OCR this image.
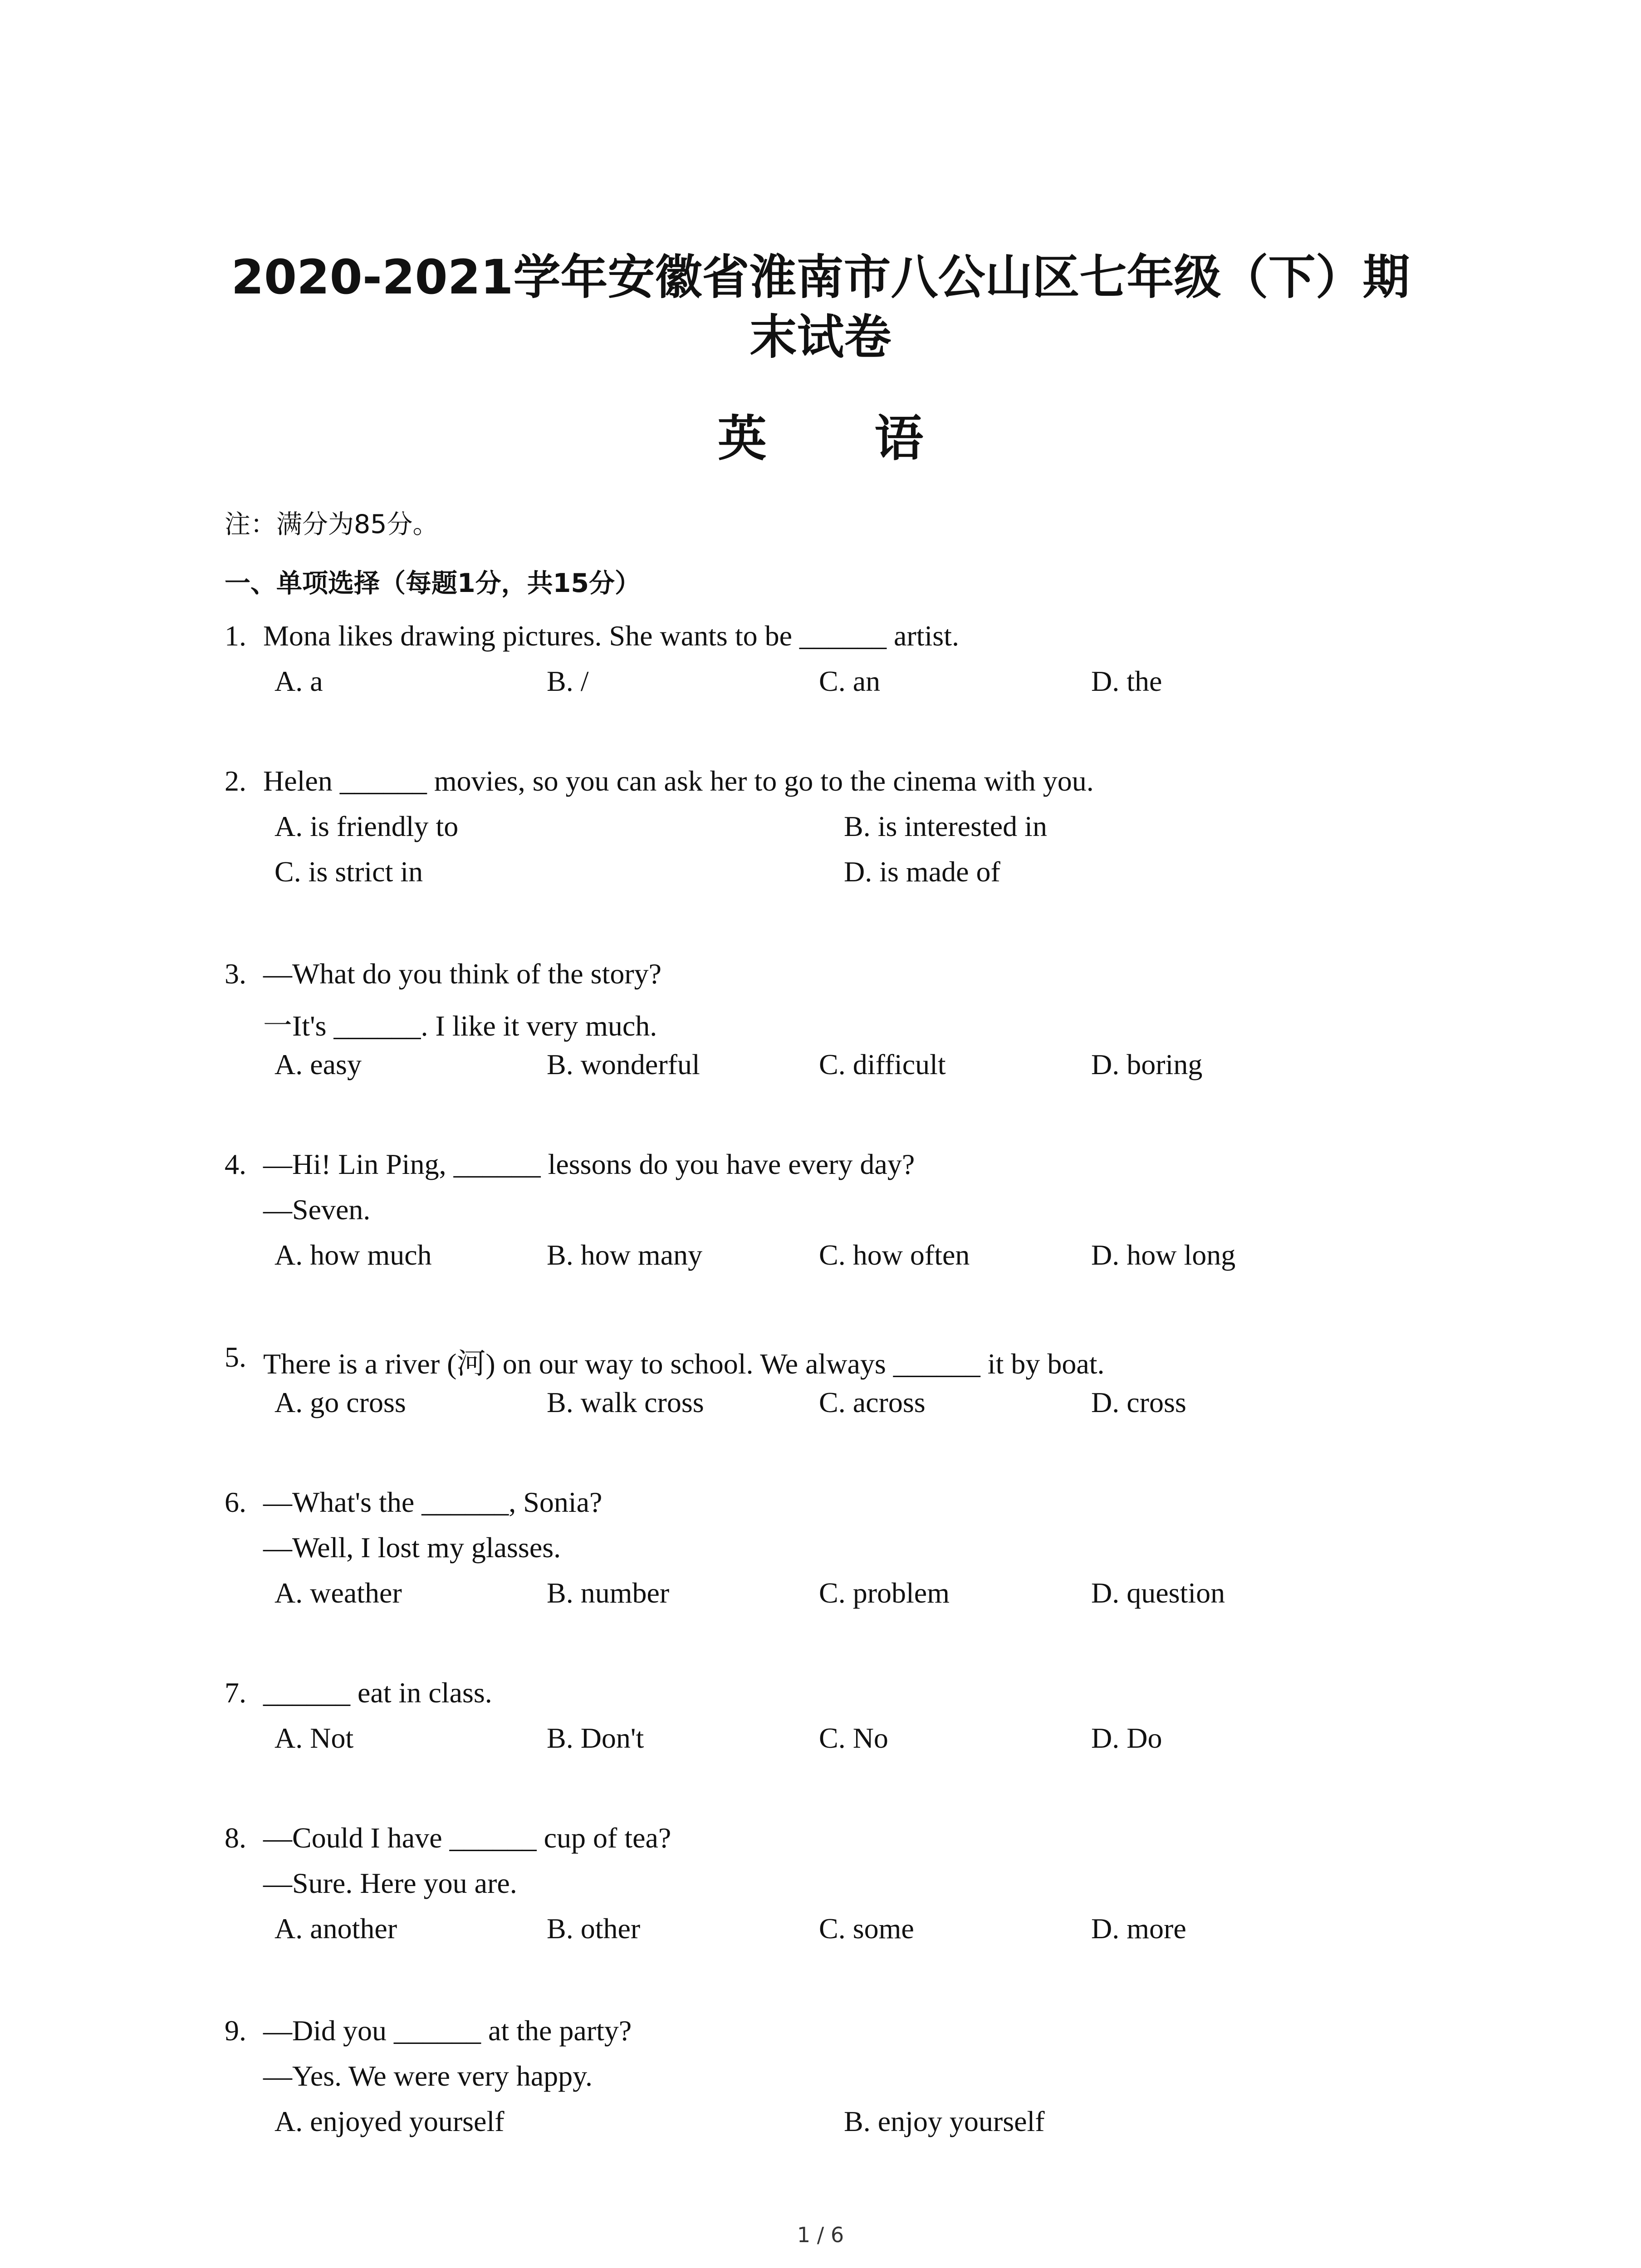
2020-2021学年安徽省淮南市八公山区七年级（下）期
末试卷
英 语
注：满分为85分。
一、单项选择（每题1分，共15分）
1. Mona likes drawing pictures. She wants to be ______ artist.
A. a	B. /	C. an	D. the
2. Helen ______ movies, so you can ask her to go to the cinema with you.
A. is friendly to	B. is interested in
C. is strict in	D. is made of
3. —What do you think of the story?
一It's ______. I like it very much.
A. easy	B. wonderful	C. difficult	D. boring
4. —Hi! Lin Ping, ______ lessons do you have every day?
—Seven.
A. how much	B. how many	C. how often	D. how long
5. There is a river (河) on our way to school. We always ______ it by boat.
A. go cross	B. walk cross	C. across	D. cross
6. —What's the ______, Sonia?
—Well, I lost my glasses.
A. weather	B. number	C. problem	D. question
7. ______ eat in class.
A. Not	B. Don't	C. No	D. Do
8. —Could I have ______ cup of tea?
—Sure. Here you are.
A. another	B. other	C. some	D. more
9. —Did you ______ at the party?
—Yes. We were very happy.
A. enjoyed yourself	B. enjoy yourself
1 / 6
